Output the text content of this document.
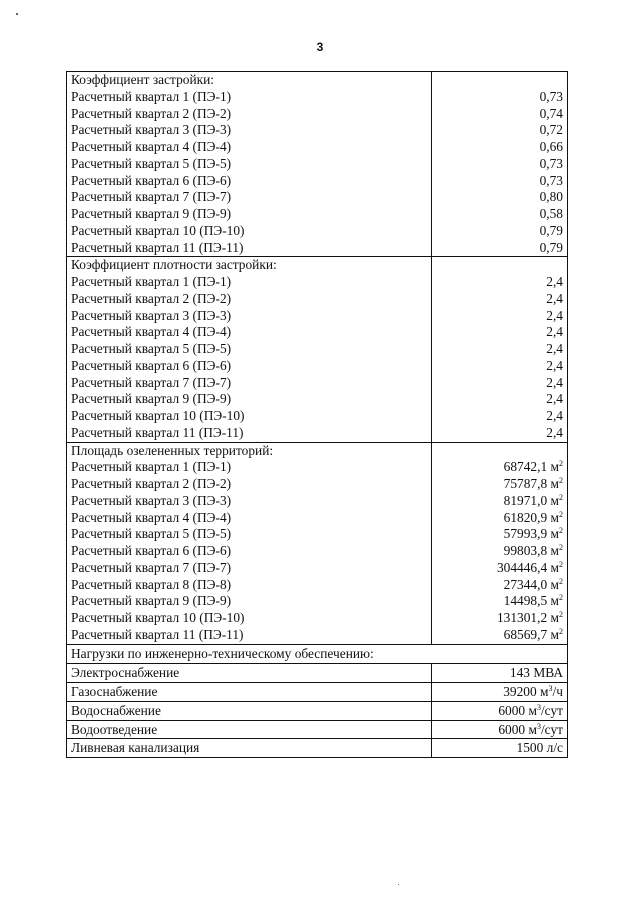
3
Коэффициент застройки:	
Расчетный квартал 1 (ПЭ-1)	0,73
Расчетный квартал 2 (ПЭ-2)	0,74
Расчетный квартал 3 (ПЭ-3)	0,72
Расчетный квартал 4 (ПЭ-4)	0,66
Расчетный квартал 5 (ПЭ-5)	0,73
Расчетный квартал 6 (ПЭ-6)	0,73
Расчетный квартал 7 (ПЭ-7)	0,80
Расчетный квартал 9 (ПЭ-9)	0,58
Расчетный квартал 10 (ПЭ-10)	0,79
Расчетный квартал 11 (ПЭ-11)	0,79
Коэффициент плотности застройки:	
Расчетный квартал 1 (ПЭ-1)	2,4
Расчетный квартал 2 (ПЭ-2)	2,4
Расчетный квартал 3 (ПЭ-3)	2,4
Расчетный квартал 4 (ПЭ-4)	2,4
Расчетный квартал 5 (ПЭ-5)	2,4
Расчетный квартал 6 (ПЭ-6)	2,4
Расчетный квартал 7 (ПЭ-7)	2,4
Расчетный квартал 9 (ПЭ-9)	2,4
Расчетный квартал 10 (ПЭ-10)	2,4
Расчетный квартал 11 (ПЭ-11)	2,4
Площадь озелененных территорий:	
Расчетный квартал 1 (ПЭ-1)	68742,1 $м^2$
Расчетный квартал 2 (ПЭ-2)	75787,8 $м^2$
Расчетный квартал 3 (ПЭ-3)	81971,0 $м^2$
Расчетный квартал 4 (ПЭ-4)	61820,9 $м^2$
Расчетный квартал 5 (ПЭ-5)	57993,9 $м^2$
Расчетный квартал 6 (ПЭ-6)	99803,8 $м^2$
Расчетный квартал 7 (ПЭ-7)	304446,4 $м^2$
Расчетный квартал 8 (ПЭ-8)	27344,0 $м^2$
Расчетный квартал 9 (ПЭ-9)	14498,5 $м^2$
Расчетный квартал 10 (ПЭ-10)	131301,2 $м^2$
Расчетный квартал 11 (ПЭ-11)	68569,7 $м^2$
Нагрузки по инженерно-техническому обеспечению:	
Электроснабжение	143 МВА
Газоснабжение	39200 $м^3/ч$
Водоснабжение	6000 $м^3$/сут
Водоотведение	6000 $м^3$/сут
Ливневая канализация	1500 л/с
